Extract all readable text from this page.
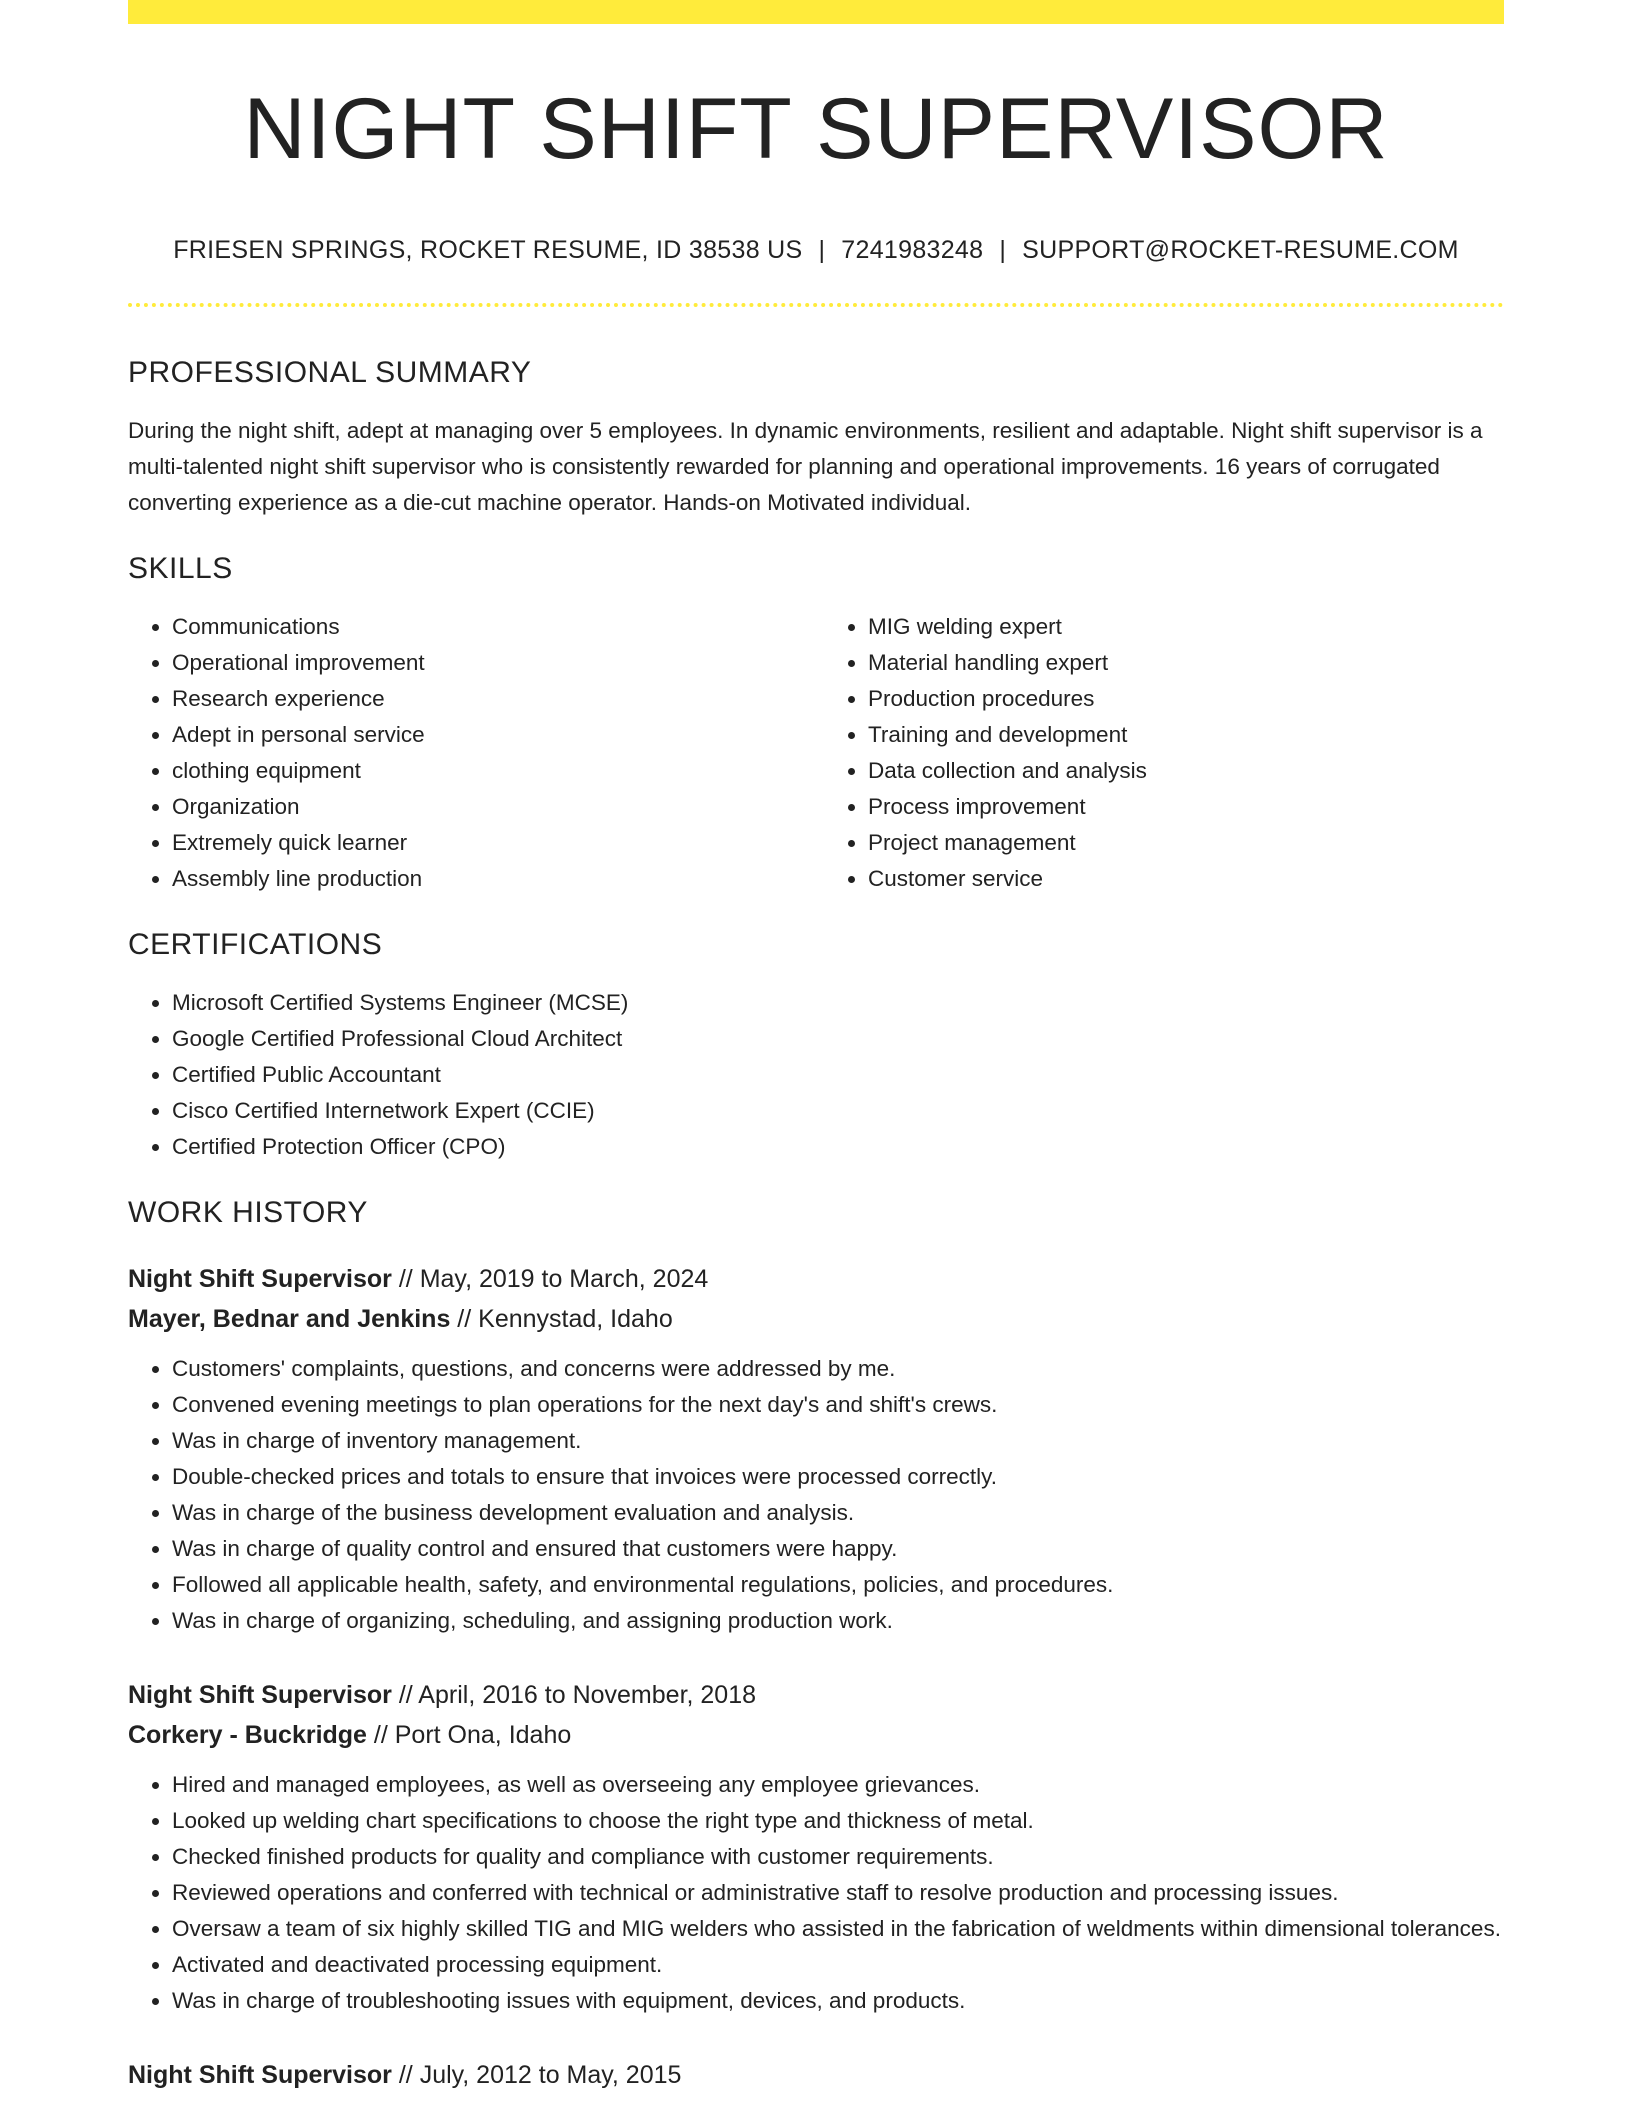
NIGHT SHIFT SUPERVISOR
FRIESEN SPRINGS, ROCKET RESUME, ID 38538 US | 7241983248 | SUPPORT@ROCKET-RESUME.COM
PROFESSIONAL SUMMARY

During the night shift, adept at managing over 5 employees. In dynamic environments, resilient and adaptable. Night shift supervisor is a multi-talented night shift supervisor who is consistently rewarded for planning and operational improvements. 16 years of corrugated converting experience as a die-cut machine operator. Hands-on Motivated individual.

SKILLS
• Communications
• Operational improvement
• Research experience
• Adept in personal service
• clothing equipment
• Organization
• Extremely quick learner
• Assembly line production
• MIG welding expert
• Material handling expert
• Production procedures
• Training and development
• Data collection and analysis
• Process improvement
• Project management
• Customer service
CERTIFICATIONS
• Microsoft Certified Systems Engineer (MCSE)
• Google Certified Professional Cloud Architect
• Certified Public Accountant
• Cisco Certified Internetwork Expert (CCIE)
• Certified Protection Officer (CPO)
WORK HISTORY
Night Shift Supervisor // May, 2019 to March, 2024
Mayer, Bednar and Jenkins // Kennystad, Idaho
• Customers' complaints, questions, and concerns were addressed by me.
• Convened evening meetings to plan operations for the next day's and shift's crews.
• Was in charge of inventory management.
• Double-checked prices and totals to ensure that invoices were processed correctly.
• Was in charge of the business development evaluation and analysis.
• Was in charge of quality control and ensured that customers were happy.
• Followed all applicable health, safety, and environmental regulations, policies, and procedures.
• Was in charge of organizing, scheduling, and assigning production work.
Night Shift Supervisor // April, 2016 to November, 2018
Corkery - Buckridge // Port Ona, Idaho
• Hired and managed employees, as well as overseeing any employee grievances.
• Looked up welding chart specifications to choose the right type and thickness of metal.
• Checked finished products for quality and compliance with customer requirements.
• Reviewed operations and conferred with technical or administrative staff to resolve production and processing issues.
• Oversaw a team of six highly skilled TIG and MIG welders who assisted in the fabrication of weldments within dimensional tolerances.
• Activated and deactivated processing equipment.
• Was in charge of troubleshooting issues with equipment, devices, and products.
Night Shift Supervisor // July, 2012 to May, 2015
